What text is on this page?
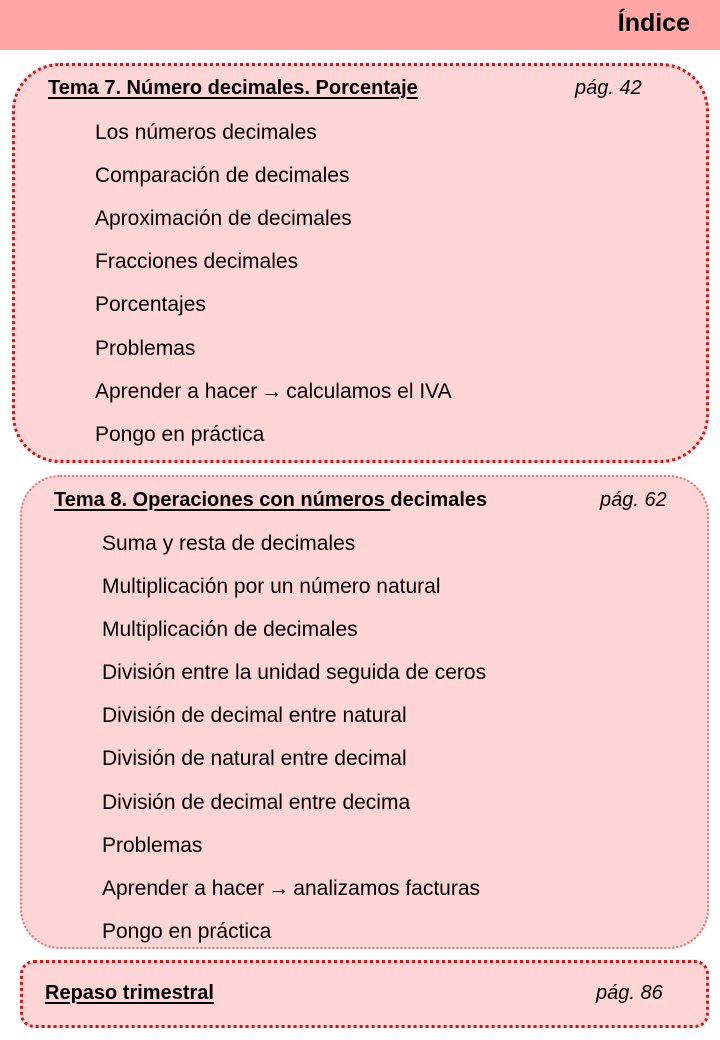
Índice
Tema 7. Número decimales. Porcentaje	pág. 42
Los números decimales
Comparación de decimales
Aproximación de decimales
Fracciones decimales
Porcentajes
Problemas
Aprender a hacer → calculamos el IVA
Pongo en práctica
Tema 8. Operaciones con números decimales	pág. 62
Suma y resta de decimales
Multiplicación por un número natural
Multiplicación de decimales
División entre la unidad seguida de ceros
División de decimal entre natural
División de natural entre decimal
División de decimal entre decima
Problemas
Aprender a hacer → analizamos facturas
Pongo en práctica
Repaso trimestral	pág. 86
